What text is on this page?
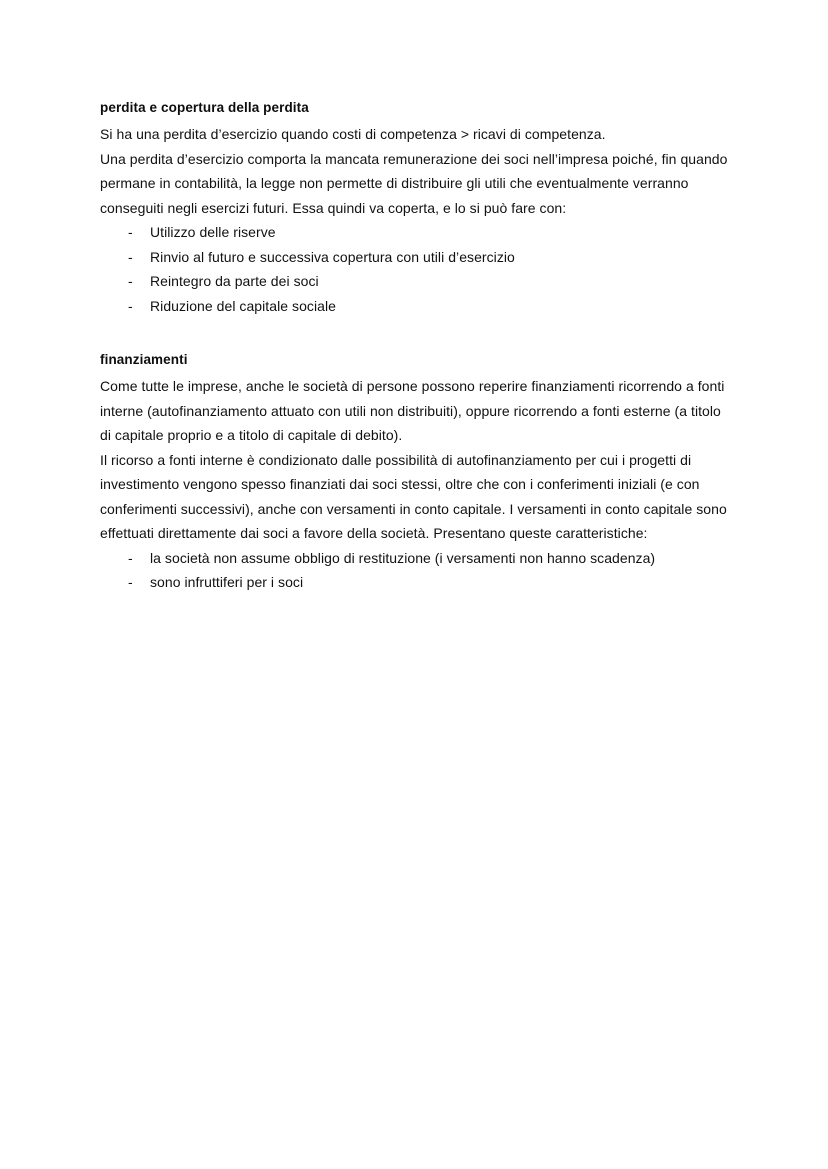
perdita e copertura della perdita

Si ha una perdita d’esercizio quando costi di competenza > ricavi di competenza.

Una perdita d’esercizio comporta la mancata remunerazione dei soci nell’impresa poiché, fin quando permane in contabilità, la legge non permette di distribuire gli utili che eventualmente verranno conseguiti negli esercizi futuri. Essa quindi va coperta, e lo si può fare con:

-	Utilizzo delle riserve
-	Rinvio al futuro e successiva copertura con utili d’esercizio
-	Reintegro da parte dei soci
-	Riduzione del capitale sociale
finanziamenti

Come tutte le imprese, anche le società di persone possono reperire finanziamenti ricorrendo a fonti interne (autofinanziamento attuato con utili non distribuiti), oppure ricorrendo a fonti esterne (a titolo di capitale proprio e a titolo di capitale di debito).

Il ricorso a fonti interne è condizionato dalle possibilità di autofinanziamento per cui i progetti di investimento vengono spesso finanziati dai soci stessi, oltre che con i conferimenti iniziali (e con conferimenti successivi), anche con versamenti in conto capitale. I versamenti in conto capitale sono effettuati direttamente dai soci a favore della società. Presentano queste caratteristiche:

-	la società non assume obbligo di restituzione (i versamenti non hanno scadenza)
-	sono infruttiferi per i soci
